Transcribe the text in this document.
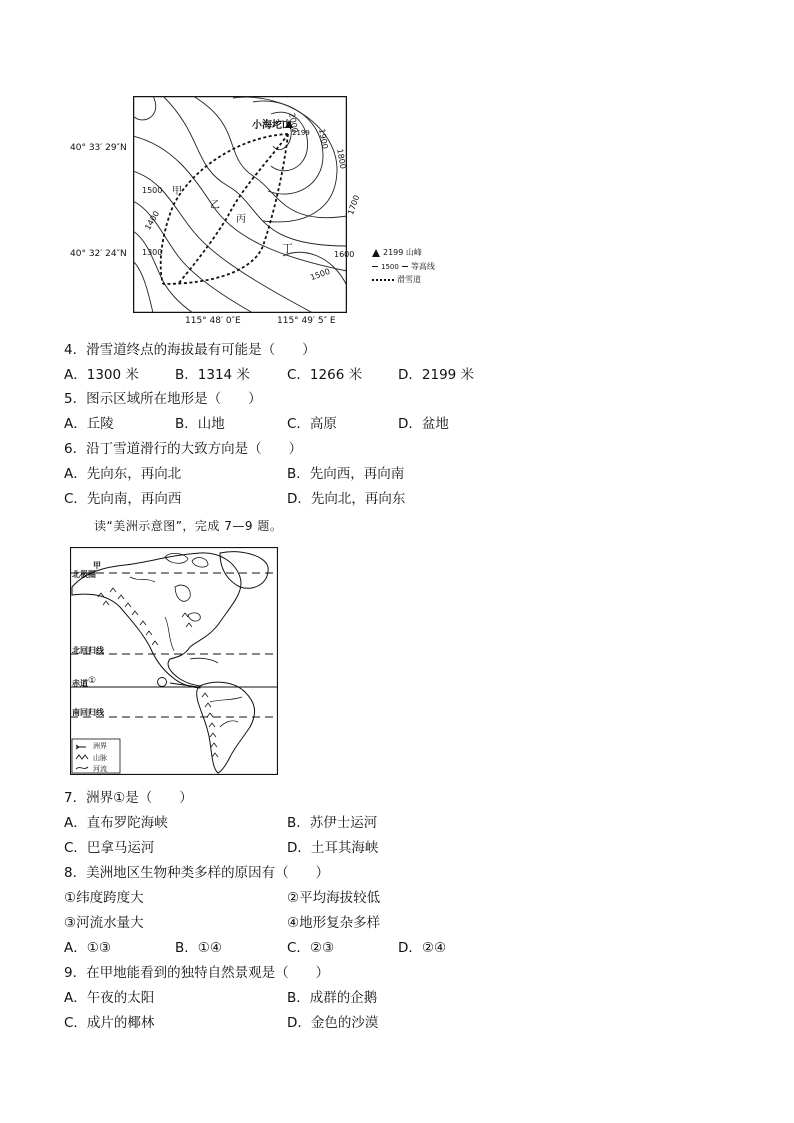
40° 33′ 29″N
40° 32′ 24″N
115° 48′ 0″E	115° 49′ 5″ E
小海坨山
2199
2000
1900
1800
1700
1600
1500
1500
1400
1300
甲
乙
丙
丁	2199 山峰
1500 等高线
滑雪道
4．滑雪道终点的海拔最有可能是（　　）
A．1300 米	B．1314 米	C．1266 米	D．2199 米
5．图示区域所在地形是（　　）
A．丘陵	B．山地	C．高原	D．盆地
6．沿丁雪道滑行的大致方向是（　　）
A．先向东，再向北	B．先向西，再向南
C．先向南，再向西	D．先向北，再向东
读“美洲示意图”，完成 7—9 题。
①
甲
北极圈
北回归线
赤道
南回归线
洲界
山脉
河流
7．洲界①是（　　）
A．直布罗陀海峡	B．苏伊士运河
C．巴拿马运河	D．土耳其海峡
8．美洲地区生物种类多样的原因有（　　）
①纬度跨度大	②平均海拔较低
③河流水量大	④地形复杂多样
A．①③	B．①④	C．②③	D．②④
9．在甲地能看到的独特自然景观是（　　）
A．午夜的太阳	B．成群的企鹅
C．成片的椰林	D．金色的沙漠
